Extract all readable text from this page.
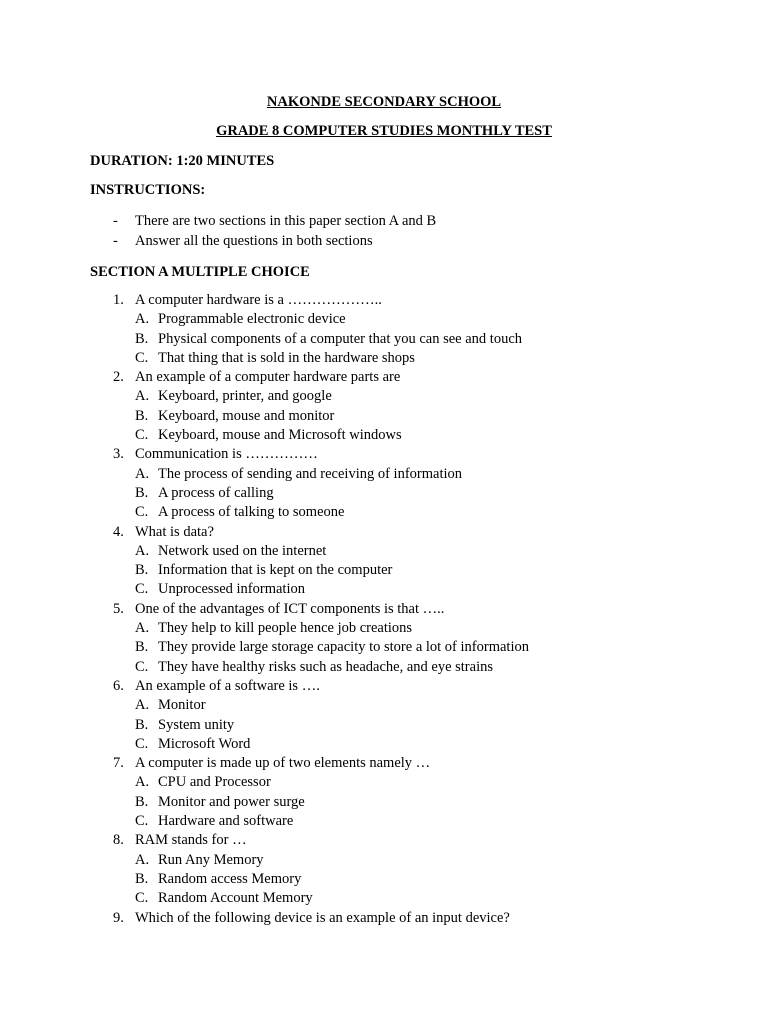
NAKONDE SECONDARY SCHOOL
GRADE 8 COMPUTER STUDIES MONTHLY TEST
DURATION: 1:20 MINUTES
INSTRUCTIONS:
- There are two sections in this paper section A and B
- Answer all the questions in both sections
SECTION A MULTIPLE CHOICE
1. A computer hardware is a ………………..
A. Programmable electronic device
B. Physical components of a computer that you can see and touch
C. That thing that is sold in the hardware shops
2. An example of a computer hardware parts are
A. Keyboard, printer, and google
B. Keyboard, mouse and monitor
C. Keyboard, mouse and Microsoft windows
3. Communication is ……………
A. The process of sending and receiving of information
B. A process of calling
C. A process of talking to someone
4. What is data?
A. Network used on the internet
B. Information that is kept on the computer
C. Unprocessed information
5. One of the advantages of ICT components is that …..
A. They help to kill people hence job creations
B. They provide large storage capacity to store a lot of information
C. They have healthy risks such as headache, and eye strains
6. An example of a software is ….
A. Monitor
B. System unity
C. Microsoft Word
7. A computer is made up of two elements namely …
A. CPU and Processor
B. Monitor and power surge
C. Hardware and software
8. RAM stands for …
A. Run Any Memory
B. Random access Memory
C. Random Account Memory
9. Which of the following device is an example of an input device?
